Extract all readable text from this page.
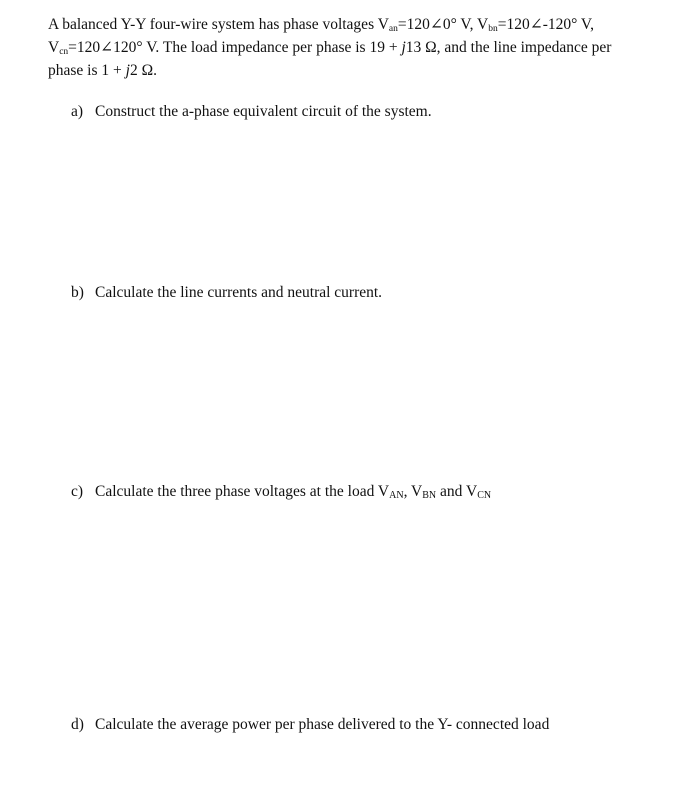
A balanced Y-Y four-wire system has phase voltages $V_{an}=120\angle 0^\circ$ V, $V_{bn}=120\angle-120^\circ$ V,
$V_{cn}=120\angle 120^\circ$ V. The load impedance per phase is 19 + j13 Ω, and the line impedance per
phase is 1 + j2 Ω.
a) Construct the a-phase equivalent circuit of the system.
b) Calculate the line currents and neutral current.
c) Calculate the three phase voltages at the load $V_{AN}$, $V_{BN}$ and $V_{CN}$
d) Calculate the average power per phase delivered to the Y- connected load
